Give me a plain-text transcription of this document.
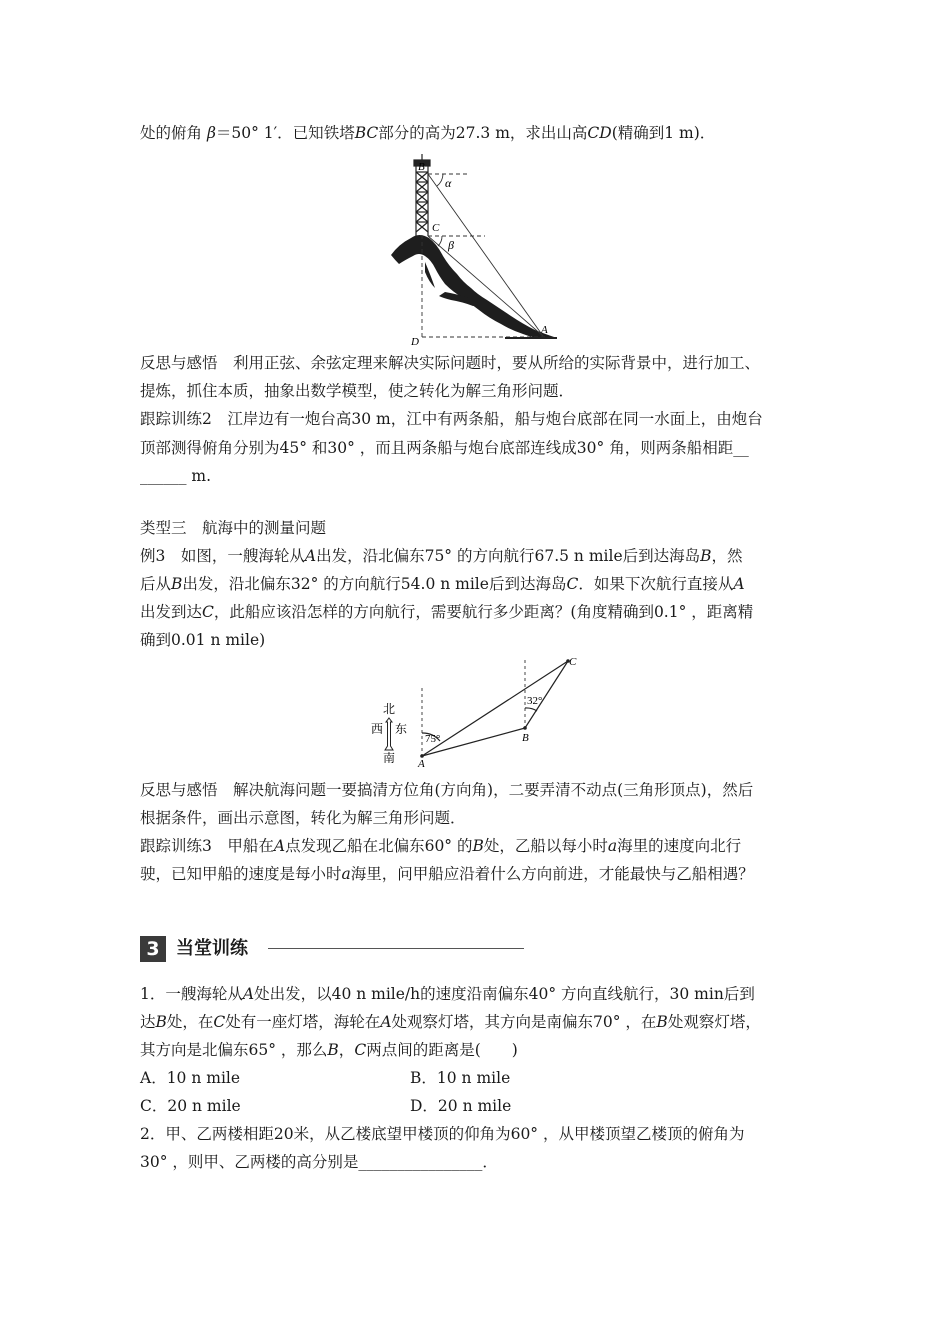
处的俯角 β＝50° 1′．已知铁塔BC部分的高为27.3 m，求出山高CD(精确到1 m)．
B
α
C
β
D
A
反思与感悟　利用正弦、余弦定理来解决实际问题时，要从所给的实际背景中，进行加工、
提炼，抓住本质，抽象出数学模型，使之转化为解三角形问题．
跟踪训练2　江岸边有一炮台高30 m，江中有两条船，船与炮台底部在同一水面上，由炮台
顶部测得俯角分别为45° 和30° ，而且两条船与炮台底部连线成30° 角，则两条船相距__
______ m.
类型三　航海中的测量问题
例3　如图，一艘海轮从A出发，沿北偏东75° 的方向航行67.5 n mile后到达海岛B，然
后从B出发，沿北偏东32° 的方向航行54.0 n mile后到达海岛C．如果下次航行直接从A
出发到达C，此船应该沿怎样的方向航行，需要航行多少距离？(角度精确到0.1° ，距离精
确到0.01 n mile)
北
西 东
南
75°
32°
A
B
C
反思与感悟　解决航海问题一要搞清方位角(方向角)，二要弄清不动点(三角形顶点)，然后
根据条件，画出示意图，转化为解三角形问题．
跟踪训练3　甲船在A点发现乙船在北偏东60° 的B处，乙船以每小时a海里的速度向北行
驶，已知甲船的速度是每小时a海里，问甲船应沿着什么方向前进，才能最快与乙船相遇？
3 当堂训练
1．一艘海轮从A处出发，以40 n mile/h的速度沿南偏东40° 方向直线航行，30 min后到
达B处，在C处有一座灯塔，海轮在A处观察灯塔，其方向是南偏东70° ，在B处观察灯塔，
其方向是北偏东65° ，那么B，C两点间的距离是(　　)
A．10 n mile	B．10 n mile
C．20 n mile	D．20 n mile
2．甲、乙两楼相距20米，从乙楼底望甲楼顶的仰角为60° ，从甲楼顶望乙楼顶的俯角为
30° ，则甲、乙两楼的高分别是________________．
